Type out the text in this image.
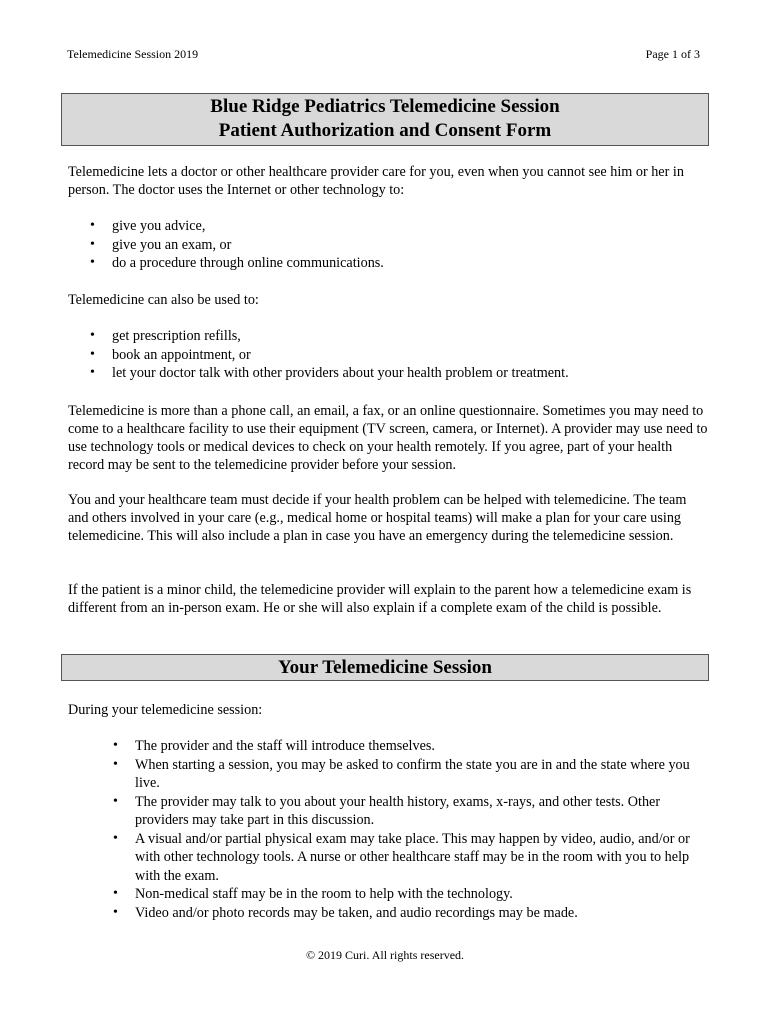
Telemedicine Session 2019	Page 1 of 3
Blue Ridge Pediatrics Telemedicine Session
Patient Authorization and Consent Form
Telemedicine lets a doctor or other healthcare provider care for you, even when you cannot see him or her in person. The doctor uses the Internet or other technology to:
• give you advice,
• give you an exam, or
• do a procedure through online communications.
Telemedicine can also be used to:
• get prescription refills,
• book an appointment, or
• let your doctor talk with other providers about your health problem or treatment.
Telemedicine is more than a phone call, an email, a fax, or an online questionnaire. Sometimes you may need to come to a healthcare facility to use their equipment (TV screen, camera, or Internet). A provider may use need to use technology tools or medical devices to check on your health remotely. If you agree, part of your health record may be sent to the telemedicine provider before your session.
You and your healthcare team must decide if your health problem can be helped with telemedicine. The team and others involved in your care (e.g., medical home or hospital teams) will make a plan for your care using telemedicine. This will also include a plan in case you have an emergency during the telemedicine session.
If the patient is a minor child, the telemedicine provider will explain to the parent how a telemedicine exam is different from an in-person exam. He or she will also explain if a complete exam of the child is possible.
Your Telemedicine Session
During your telemedicine session:
• The provider and the staff will introduce themselves.
• When starting a session, you may be asked to confirm the state you are in and the state where you live.
• The provider may talk to you about your health history, exams, x-rays, and other tests. Other providers may take part in this discussion.
• A visual and/or partial physical exam may take place. This may happen by video, audio, and/or or with other technology tools. A nurse or other healthcare staff may be in the room with you to help with the exam.
• Non-medical staff may be in the room to help with the technology.
• Video and/or photo records may be taken, and audio recordings may be made.
© 2019 Curi. All rights reserved.
